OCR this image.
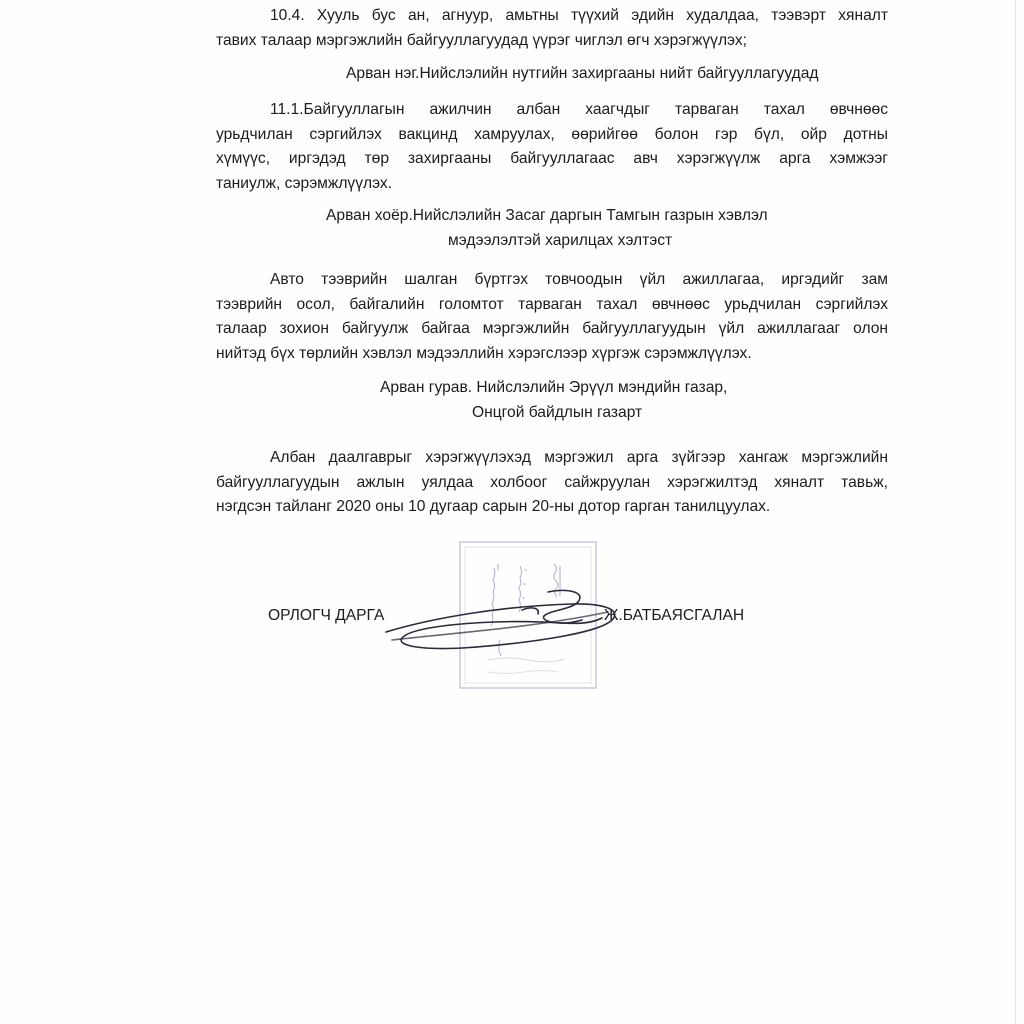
10.4. Хууль бус ан, агнуур, амьтны түүхий эдийн худалдаа, тээвэрт хяналт
тавих талаар мэргэжлийн байгууллагуудад үүрэг чиглэл өгч хэрэгжүүлэх;

Арван нэг.Нийслэлийн нутгийн захиргааны нийт байгууллагуудад

11.1.Байгууллагын ажилчин албан хаагчдыг тарваган тахал өвчнөөс
урьдчилан сэргийлэх вакцинд хамруулах, өөрийгөө болон гэр бүл, ойр дотны
хүмүүс, иргэдэд төр захиргааны байгууллагаас авч хэрэгжүүлж арга хэмжээг
таниулж, сэрэмжлүүлэх.

Арван хоёр.Нийслэлийн Засаг даргын Тамгын газрын хэвлэл
мэдээлэлтэй харилцах хэлтэст

Авто тээврийн шалган бүртгэх товчоодын үйл ажиллагаа, иргэдийг зам
тээврийн осол, байгалийн голомтот тарваган тахал өвчнөөс урьдчилан сэргийлэх
талаар зохион байгуулж байгаа мэргэжлийн байгууллагуудын үйл ажиллагааг олон
нийтэд бүх төрлийн хэвлэл мэдээллийн хэрэгслээр хүргэж сэрэмжлүүлэх.

Арван гурав. Нийслэлийн Эрүүл мэндийн газар,
Онцгой байдлын газарт

Албан даалгаврыг хэрэгжүүлэхэд мэргэжил арга зүйгээр хангаж мэргэжлийн
байгууллагуудын ажлын уялдаа холбоог сайжруулан хэрэгжилтэд хяналт тавьж,
нэгдсэн тайланг 2020 оны 10 дугаар сарын 20-ны дотор гарган танилцуулах.

ОРЛОГЧ ДАРГА	Ж.БАТБАЯСГАЛАН
